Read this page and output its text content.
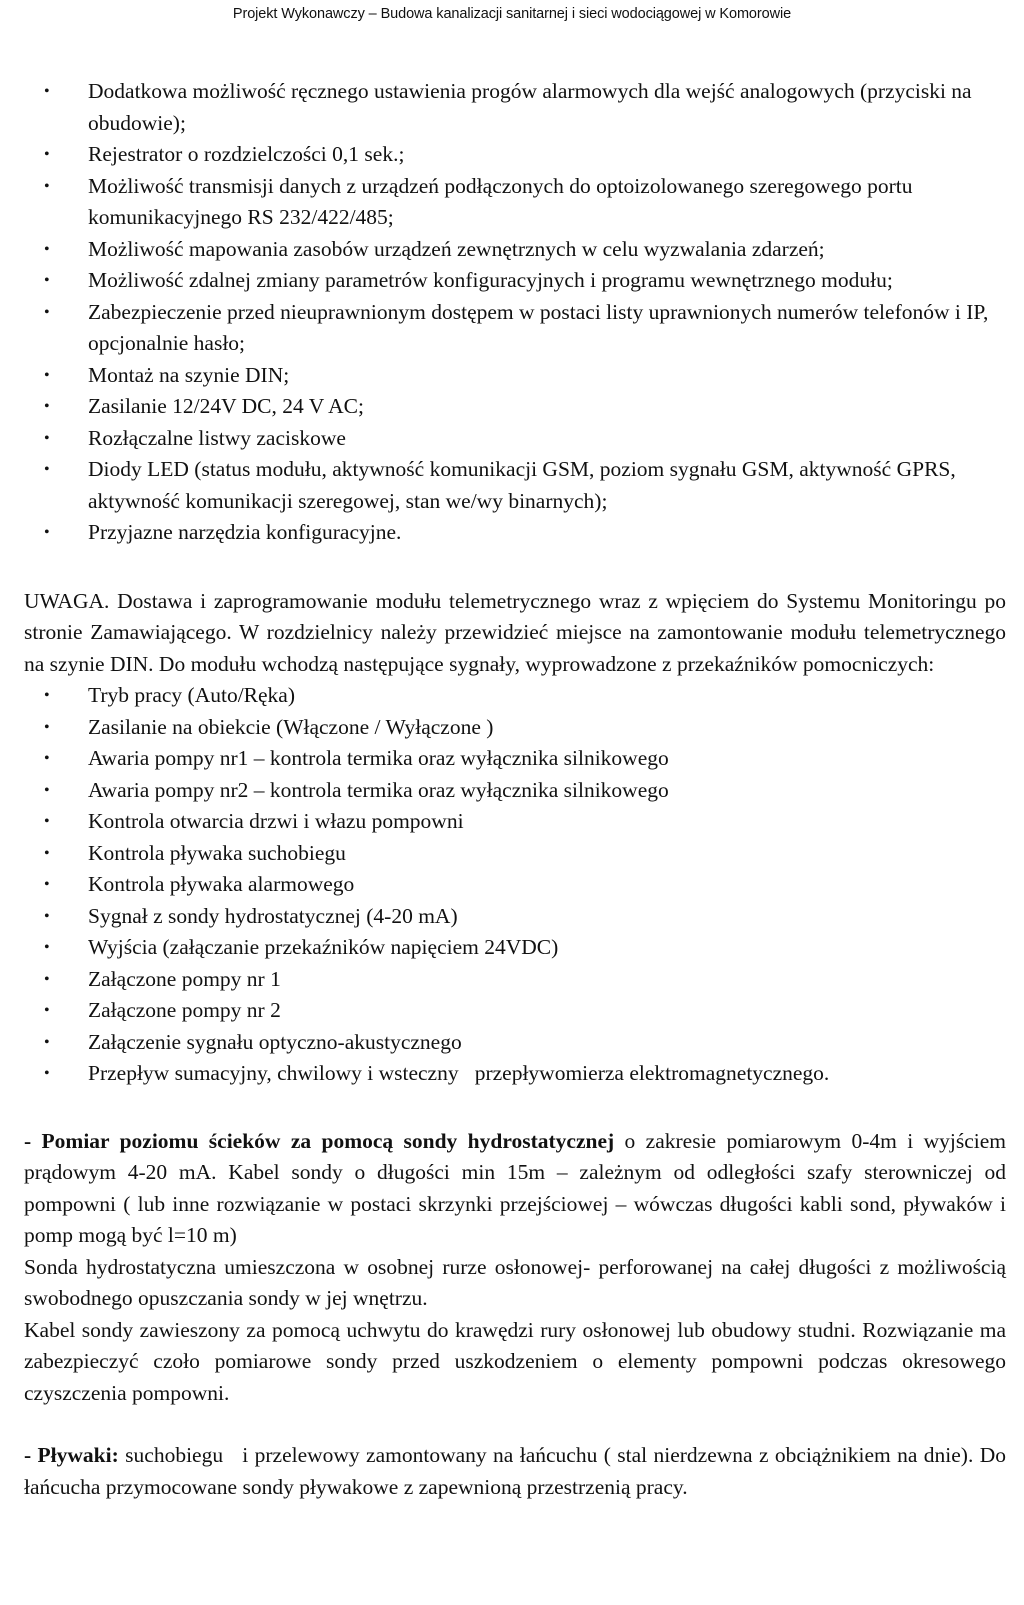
Projekt Wykonawczy – Budowa kanalizacji sanitarnej i sieci wodociągowej w Komorowie
• Dodatkowa możliwość ręcznego ustawienia progów alarmowych dla wejść analogowych (przyciski na obudowie);
• Rejestrator o rozdzielczości 0,1 sek.;
• Możliwość transmisji danych z urządzeń podłączonych do optoizolowanego szeregowego portu komunikacyjnego RS 232/422/485;
• Możliwość mapowania zasobów urządzeń zewnętrznych w celu wyzwalania zdarzeń;
• Możliwość zdalnej zmiany parametrów konfiguracyjnych i programu wewnętrznego modułu;
• Zabezpieczenie przed nieuprawnionym dostępem w postaci listy uprawnionych numerów telefonów i IP, opcjonalnie hasło;
• Montaż na szynie DIN;
• Zasilanie 12/24V DC, 24 V AC;
• Rozłączalne listwy zaciskowe
• Diody LED (status modułu, aktywność komunikacji GSM, poziom sygnału GSM, aktywność GPRS, aktywność komunikacji szeregowej, stan we/wy binarnych);
• Przyjazne narzędzia konfiguracyjne.

UWAGA. Dostawa i zaprogramowanie modułu telemetrycznego wraz z wpięciem do Systemu Monitoringu po stronie Zamawiającego. W rozdzielnicy należy przewidzieć miejsce na zamontowanie modułu telemetrycznego na szynie DIN. Do modułu wchodzą następujące sygnały, wyprowadzone z przekaźników pomocniczych:

• Tryb pracy (Auto/Ręka)
• Zasilanie na obiekcie (Włączone / Wyłączone )
• Awaria pompy nr1 – kontrola termika oraz wyłącznika silnikowego
• Awaria pompy nr2 – kontrola termika oraz wyłącznika silnikowego
• Kontrola otwarcia drzwi i włazu pompowni
• Kontrola pływaka suchobiegu
• Kontrola pływaka alarmowego
• Sygnał z sondy hydrostatycznej (4-20 mA)
• Wyjścia (załączanie przekaźników napięciem 24VDC)
• Załączone pompy nr 1
• Załączone pompy nr 2
• Załączenie sygnału optyczno-akustycznego
• Przepływ sumacyjny, chwilowy i wsteczny   przepływomierza elektromagnetycznego.

- Pomiar poziomu ścieków za pomocą sondy hydrostatycznej o zakresie pomiarowym 0-4m i wyjściem prądowym 4-20 mA. Kabel sondy o długości min 15m – zależnym od odległości szafy sterowniczej od pompowni ( lub inne rozwiązanie w postaci skrzynki przejściowej – wówczas długości kabli sond, pływaków i pomp mogą być l=10 m)

Sonda hydrostatyczna umieszczona w osobnej rurze osłonowej- perforowanej na całej długości z możliwością swobodnego opuszczania sondy w jej wnętrzu.

Kabel sondy zawieszony za pomocą uchwytu do krawędzi rury osłonowej lub obudowy studni. Rozwiązanie ma zabezpieczyć czoło pomiarowe sondy przed uszkodzeniem o elementy pompowni podczas okresowego czyszczenia pompowni.

- Pływaki: suchobiegu   i przelewowy zamontowany na łańcuchu ( stal nierdzewna z obciążnikiem na dnie). Do łańcucha przymocowane sondy pływakowe z zapewnioną przestrzenią pracy.
